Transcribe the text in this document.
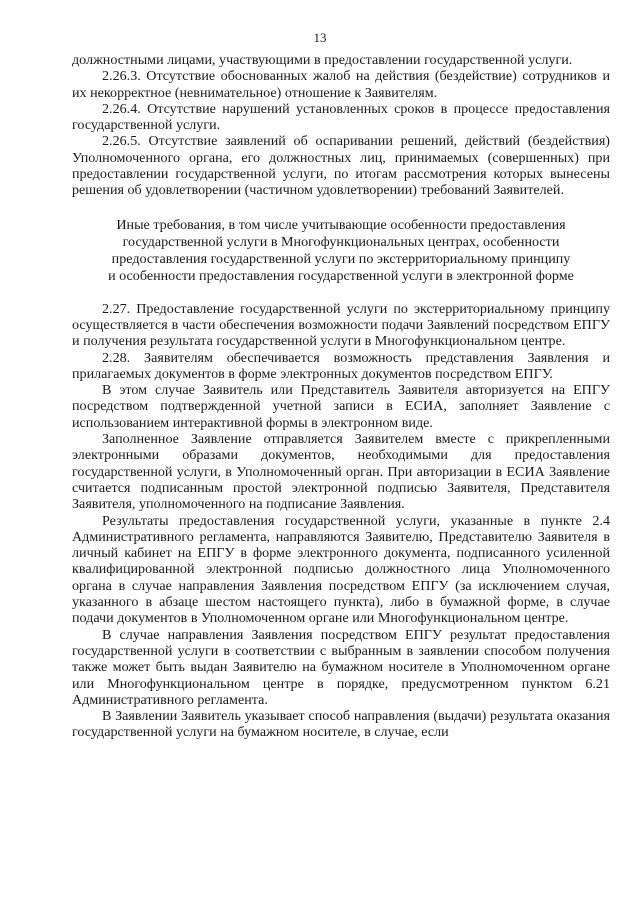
13

должностными лицами, участвующими в предоставлении государственной услуги.

2.26.3. Отсутствие обоснованных жалоб на действия (бездействие) сотрудников и их некорректное (невнимательное) отношение к Заявителям.

2.26.4. Отсутствие нарушений установленных сроков в процессе предоставления государственной услуги.

2.26.5. Отсутствие заявлений об оспаривании решений, действий (бездействия) Уполномоченного органа, его должностных лиц, принимаемых (совершенных) при предоставлении государственной услуги, по итогам рассмотрения которых вынесены решения об удовлетворении (частичном удовлетворении) требований Заявителей.

Иные требования, в том числе учитывающие особенности предоставления
государственной услуги в Многофункциональных центрах, особенности
предоставления государственной услуги по экстерриториальному принципу
и особенности предоставления государственной услуги в электронной форме

2.27. Предоставление государственной услуги по экстерриториальному принципу осуществляется в части обеспечения возможности подачи Заявлений посредством ЕПГУ и получения результата государственной услуги в Многофункциональном центре.

2.28. Заявителям обеспечивается возможность представления Заявления и прилагаемых документов в форме электронных документов посредством ЕПГУ.

В этом случае Заявитель или Представитель Заявителя авторизуется на ЕПГУ посредством подтвержденной учетной записи в ЕСИА, заполняет Заявление с использованием интерактивной формы в электронном виде.

Заполненное Заявление отправляется Заявителем вместе с прикрепленными электронными образами документов, необходимыми для предоставления государственной услуги, в Уполномоченный орган. При авторизации в ЕСИА Заявление считается подписанным простой электронной подписью Заявителя, Представителя Заявителя, уполномоченного на подписание Заявления.

Результаты предоставления государственной услуги, указанные в пункте 2.4 Административного регламента, направляются Заявителю, Представителю Заявителя в личный кабинет на ЕПГУ в форме электронного документа, подписанного усиленной квалифицированной электронной подписью должностного лица Уполномоченного органа в случае направления Заявления посредством ЕПГУ (за исключением случая, указанного в абзаце шестом настоящего пункта), либо в бумажной форме, в случае подачи документов в Уполномоченном органе или Многофункциональном центре.

В случае направления Заявления посредством ЕПГУ результат предоставления государственной услуги в соответствии с выбранным в заявлении способом получения также может быть выдан Заявителю на бумажном носителе в Уполномоченном органе или Многофункциональном центре в порядке, предусмотренном пунктом 6.21 Административного регламента.

В Заявлении Заявитель указывает способ направления (выдачи) результата оказания государственной услуги на бумажном носителе, в случае, если
